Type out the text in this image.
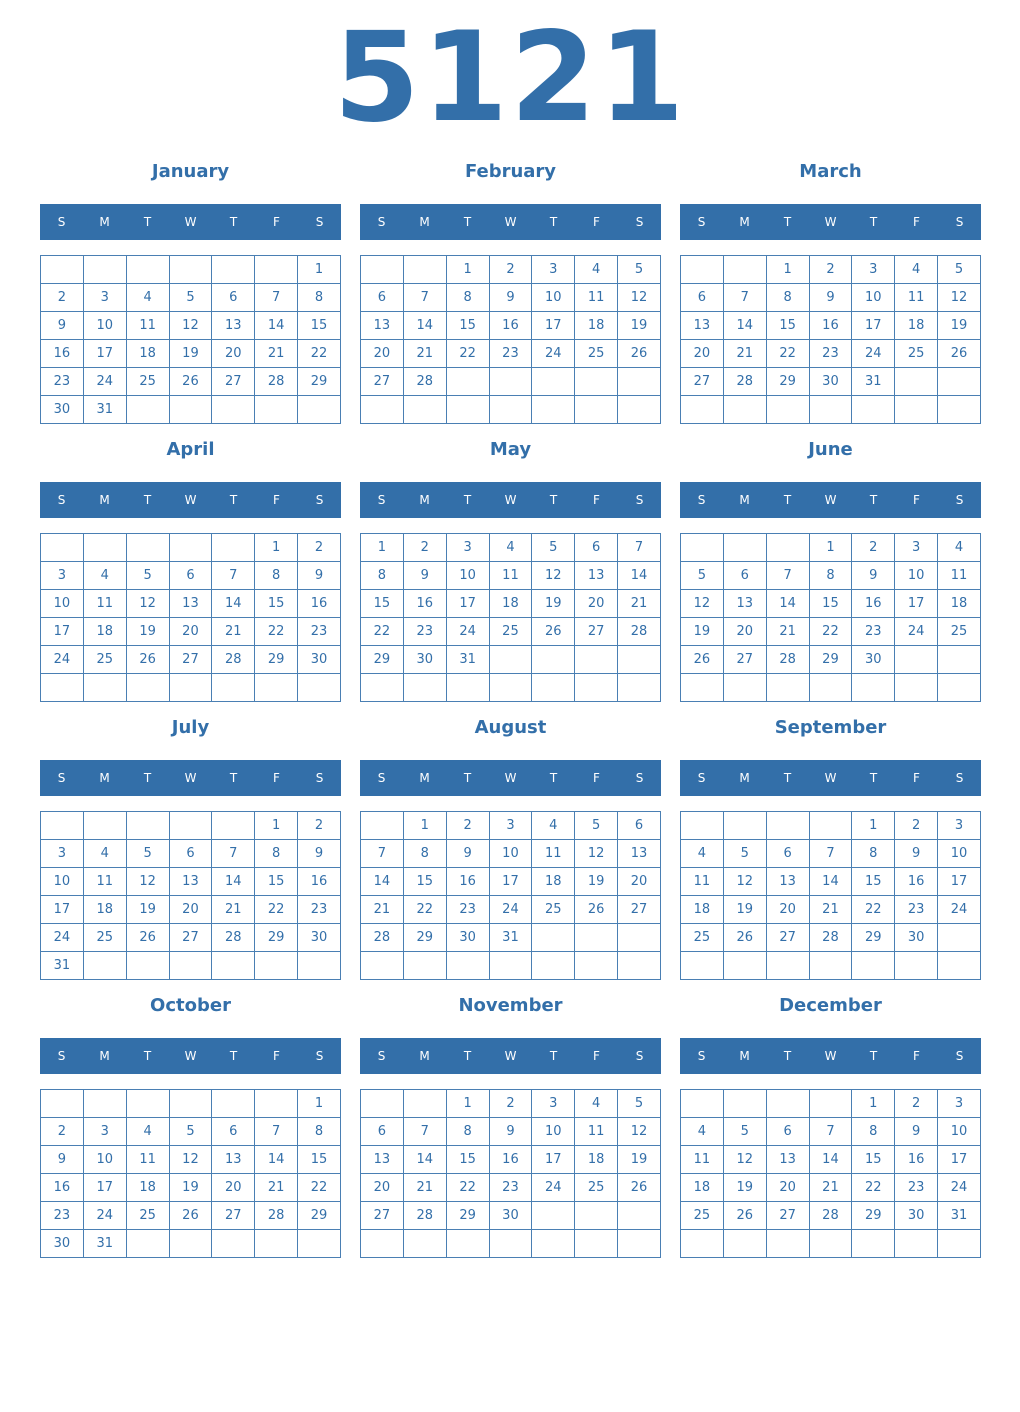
5121
January
S	M	T	W	T	F	S
						1
2	3	4	5	6	7	8
9	10	11	12	13	14	15
16	17	18	19	20	21	22
23	24	25	26	27	28	29
30	31					
February
S	M	T	W	T	F	S
		1	2	3	4	5
6	7	8	9	10	11	12
13	14	15	16	17	18	19
20	21	22	23	24	25	26
27	28					

March
S	M	T	W	T	F	S
		1	2	3	4	5
6	7	8	9	10	11	12
13	14	15	16	17	18	19
20	21	22	23	24	25	26
27	28	29	30	31		

April
S	M	T	W	T	F	S
					1	2
3	4	5	6	7	8	9
10	11	12	13	14	15	16
17	18	19	20	21	22	23
24	25	26	27	28	29	30

May
S	M	T	W	T	F	S
1	2	3	4	5	6	7
8	9	10	11	12	13	14
15	16	17	18	19	20	21
22	23	24	25	26	27	28
29	30	31				

June
S	M	T	W	T	F	S
			1	2	3	4
5	6	7	8	9	10	11
12	13	14	15	16	17	18
19	20	21	22	23	24	25
26	27	28	29	30		

July
S	M	T	W	T	F	S
					1	2
3	4	5	6	7	8	9
10	11	12	13	14	15	16
17	18	19	20	21	22	23
24	25	26	27	28	29	30
31						
August
S	M	T	W	T	F	S
	1	2	3	4	5	6
7	8	9	10	11	12	13
14	15	16	17	18	19	20
21	22	23	24	25	26	27
28	29	30	31			

September
S	M	T	W	T	F	S
				1	2	3
4	5	6	7	8	9	10
11	12	13	14	15	16	17
18	19	20	21	22	23	24
25	26	27	28	29	30	

October
S	M	T	W	T	F	S
						1
2	3	4	5	6	7	8
9	10	11	12	13	14	15
16	17	18	19	20	21	22
23	24	25	26	27	28	29
30	31					
November
S	M	T	W	T	F	S
		1	2	3	4	5
6	7	8	9	10	11	12
13	14	15	16	17	18	19
20	21	22	23	24	25	26
27	28	29	30			

December
S	M	T	W	T	F	S
				1	2	3
4	5	6	7	8	9	10
11	12	13	14	15	16	17
18	19	20	21	22	23	24
25	26	27	28	29	30	31
